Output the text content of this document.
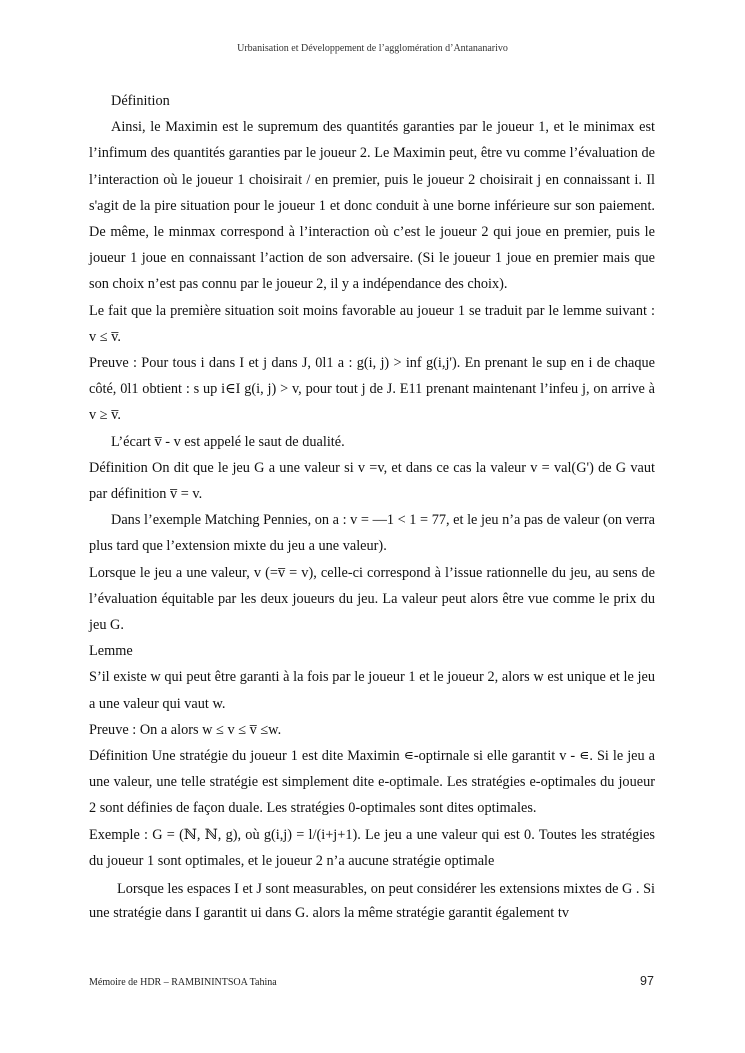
Urbanisation et Développement de l’agglomération d’Antananarivo

Définition

Ainsi, le Maximin est le supremum des quantités garanties par le joueur 1, et le minimax est l’infimum des quantités garanties par le joueur 2. Le Maximin peut, être vu comme l’évaluation de l’interaction où le joueur 1 choisirait / en premier, puis le joueur 2 choisirait j en connaissant i. Il s'agit de la pire situation pour le joueur 1 et donc conduit à une borne inférieure sur son paiement. De même, le minmax correspond à l’interaction où c’est le joueur 2 qui joue en premier, puis le joueur 1 joue en connaissant l’action de son adversaire. (Si le joueur 1 joue en premier mais que son choix n’est pas connu par le joueur 2, il y a indépendance des choix).

Le fait que la première situation soit moins favorable au joueur 1 se traduit par le lemme suivant : v ≤ v̅.

Preuve : Pour tous i dans I et j dans J, 0l1 a : g(i, j) > inf g(i,j'). En prenant le sup en i de chaque côté, 0l1 obtient : s up i∈I g(i, j) > v, pour tout j de J. E11 prenant maintenant l’infeu j, on arrive à v ≥ v̅.

L’écart v̅ - v est appelé le saut de dualité.

Définition On dit que le jeu G a une valeur si v =v, et dans ce cas la valeur v = val(G') de G vaut par définition v̅ = v.

Dans l’exemple Matching Pennies, on a : v = —1 < 1 = 77, et le jeu n’a pas de valeur (on verra plus tard que l’extension mixte du jeu a une valeur).

Lorsque le jeu a une valeur, v (=v̅ = v), celle-ci correspond à l’issue rationnelle du jeu, au sens de l’évaluation équitable par les deux joueurs du jeu. La valeur peut alors être vue comme le prix du jeu G.

Lemme

S’il existe w qui peut être garanti à la fois par le joueur 1 et le joueur 2, alors w est unique et le jeu a une valeur qui vaut w.

Preuve : On a alors w ≤ v ≤ v̅ ≤w.

Définition Une stratégie du joueur 1 est dite Maximin ∊-optirnale si elle garantit v - ∊. Si le jeu a une valeur, une telle stratégie est simplement dite e-optimale. Les stratégies e-optimales du joueur 2 sont définies de façon duale. Les stratégies 0-optimales sont dites optimales.

Exemple : G = (ℕ, ℕ, g), où g(i,j) = l/(i+j+1). Le jeu a une valeur qui est 0. Toutes les stratégies du joueur 1 sont optimales, et le joueur 2 n’a aucune stratégie optimale

Lorsque les espaces I et J sont measurables, on peut considérer les extensions mixtes de G . Si une stratégie dans I garantit ui dans G. alors la même stratégie garantit également tv

Mémoire de HDR – RAMBININTSOA Tahina	97
